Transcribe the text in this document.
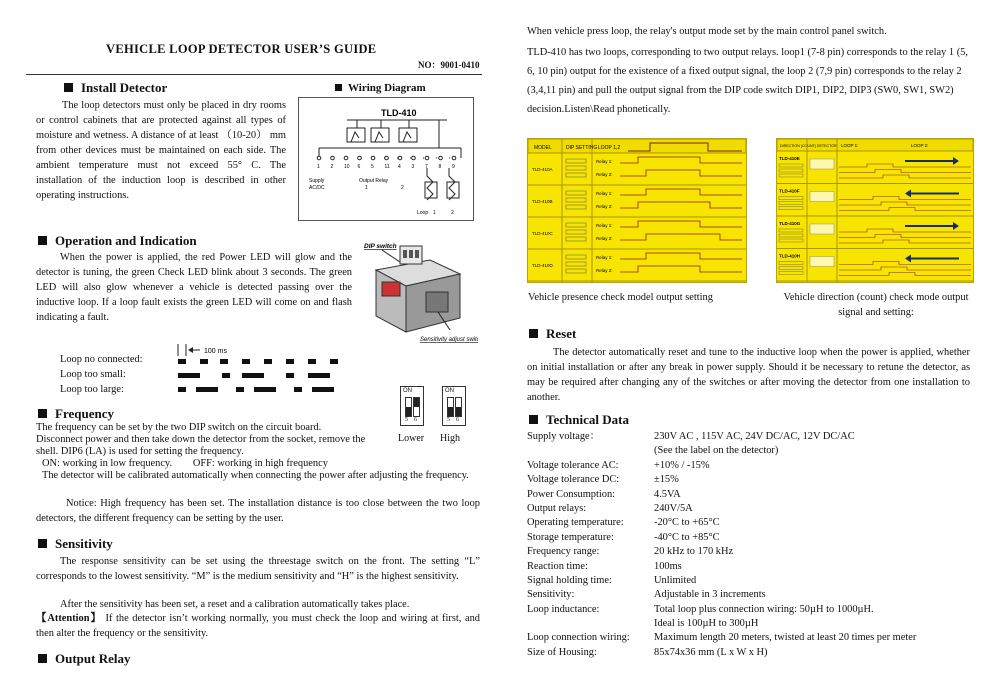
VEHICLE LOOP DETECTOR USER’S GUIDE
NO：9001-0410
Install Detector
The loop detectors must only be placed in dry rooms or control cabinets that are protected against all types of moisture and wetness. A distance of at least （10-20） mm from other devices must be maintained on each side. The ambient temperature must not exceed 55° C. The installation of the induction loop is described in other operating instructions.
Wiring Diagram
TLD-410
1 2 10 6 5 11 4 3 7 8 9
Supply
AC/DC
Output Relay
1	2
Loop 1	2
Operation and Indication
When the power is applied, the red Power LED will glow and the detector is tuning, the green Check LED blink about 3 seconds. The green LED will also glow whenever a vehicle is detected passing over the inductive loop. If a loop fault exists the green LED will come on and flash indicating a fault.
DIP switch
Sensitivity adjust switch
100 ms
Loop no connected:
Loop too small:
Loop too large:
Frequency
The frequency can be set by the two DIP switch on the circuit board.
Disconnect power and then take down the detector from the socket, remove the shell. DIP6 (LA) is used for setting the frequency.
ON: working in low frequency.        OFF: working in high frequency
The detector will be calibrated automatically when connecting the power after adjusting the frequency.
Notice: High frequency has been set. The installation distance is too close between the two loop detectors, the different frequency can be setting by the user.
ON
5 6
Lower
ON
5 6
High
Sensitivity
The response sensitivity can be set using the threestage switch on the front. The setting “L” corresponds to the lowest sensitivity. “M” is the medium sensitivity and “H” is the highest sensitivity.
After the sensitivity has been set, a reset and a calibration automatically takes place.
【Attention】 If the detector isn’t working normally, you must check the loop and wiring at first, and then alter the frequency or the sensitivity.
Output Relay
When vehicle press loop, the relay's output mode set by the main control panel switch.
TLD-410 has two loops, corresponding to two output relays. loop1 (7-8 pin) corresponds to the relay 1 (5, 6, 10 pin) output for the existence of a fixed output signal, the loop 2 (7,9 pin) corresponds to the relay 2 (3,4,11 pin) and pull the output signal from the DIP code switch DIP1, DIP2, DIP3 (SW0, SW1, SW2) decision.Listen\Read phonetically.
MODEL	DIP SETTING LOOP 1,2
TLD-410A
Relay 1:
Relay 2:
TLD-410B
Relay 1:
Relay 2:
TLD-410C
Relay 1:
Relay 2:
TLD-410D
Relay 1:
Relay 2:
Vehicle presence check model output setting
DIRECTION (COUNT) DETECTOR LOOP 1:	LOOP 2:
TLD-410E
TLD-410F
TLD-410G
TLD-410H
Vehicle direction (count) check mode output signal and setting:
Reset
The detector automatically reset and tune to the inductive loop when the power is applied, whether on initial installation or after any break in power supply. Should it be necessary to retune the detector, as may be required after changing any of the switches or after moving the detector from one installation to another.
Technical Data
Supply voltage：	230V AC , 115V AC, 24V DC/AC, 12V DC/AC
(See the label on the detector)
Voltage tolerance AC:	+10% / -15%
Voltage tolerance DC:	±15%
Power Consumption:	4.5VA
Output relays:	240V/5A
Operating temperature:	-20°C to +65°C
Storage temperature:	-40°C to +85°C
Frequency range:	20 kHz to 170 kHz
Reaction time:	100ms
Signal holding time:	Unlimited
Sensitivity:	Adjustable in 3 increments
Loop inductance:	Total loop plus connection wiring: 50µH to 1000µH.
Ideal is 100µH to 300µH
Loop connection wiring:	Maximum length 20 meters, twisted at least 20 times per meter
Size of Housing:	85x74x36 mm (L x W x H)
